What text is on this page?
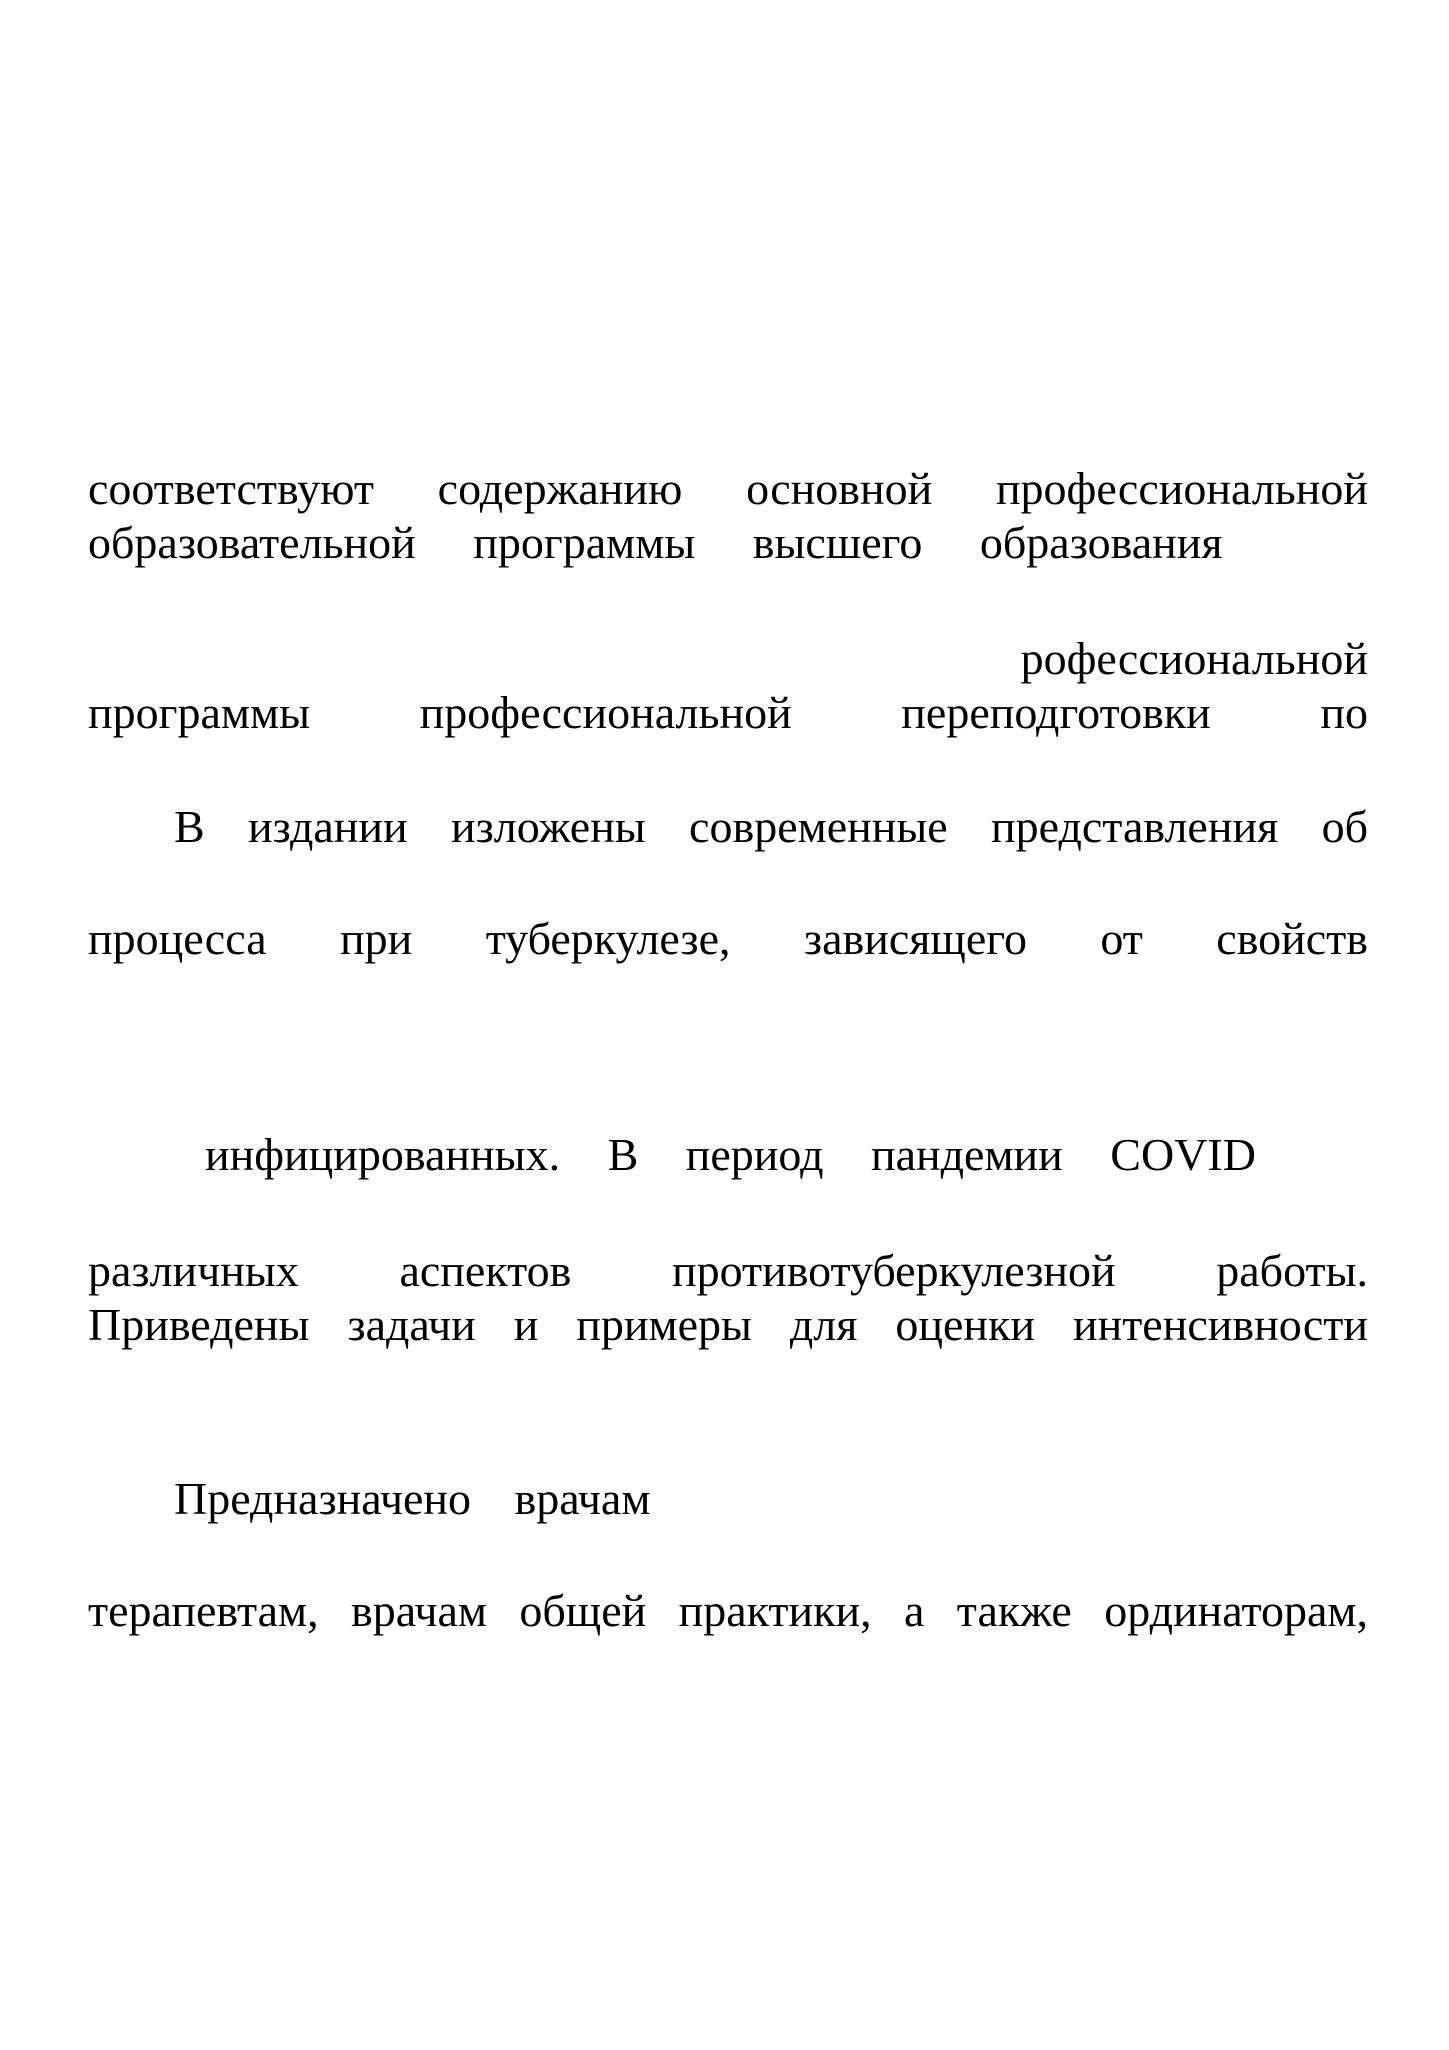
соответствуют содержанию основной профессиональной
образовательной программы высшего образования
рофессиональной
программы профессиональной переподготовки по
В издании изложены современные представления об
процесса при туберкулезе, зависящего от свойств
инфицированных. В период пандемии COVID
различных аспектов противотуберкулезной работы.
Приведены задачи и примеры для оценки интенсивности
Предназначено врачам
терапевтам, врачам общей практики, а также ординаторам,
